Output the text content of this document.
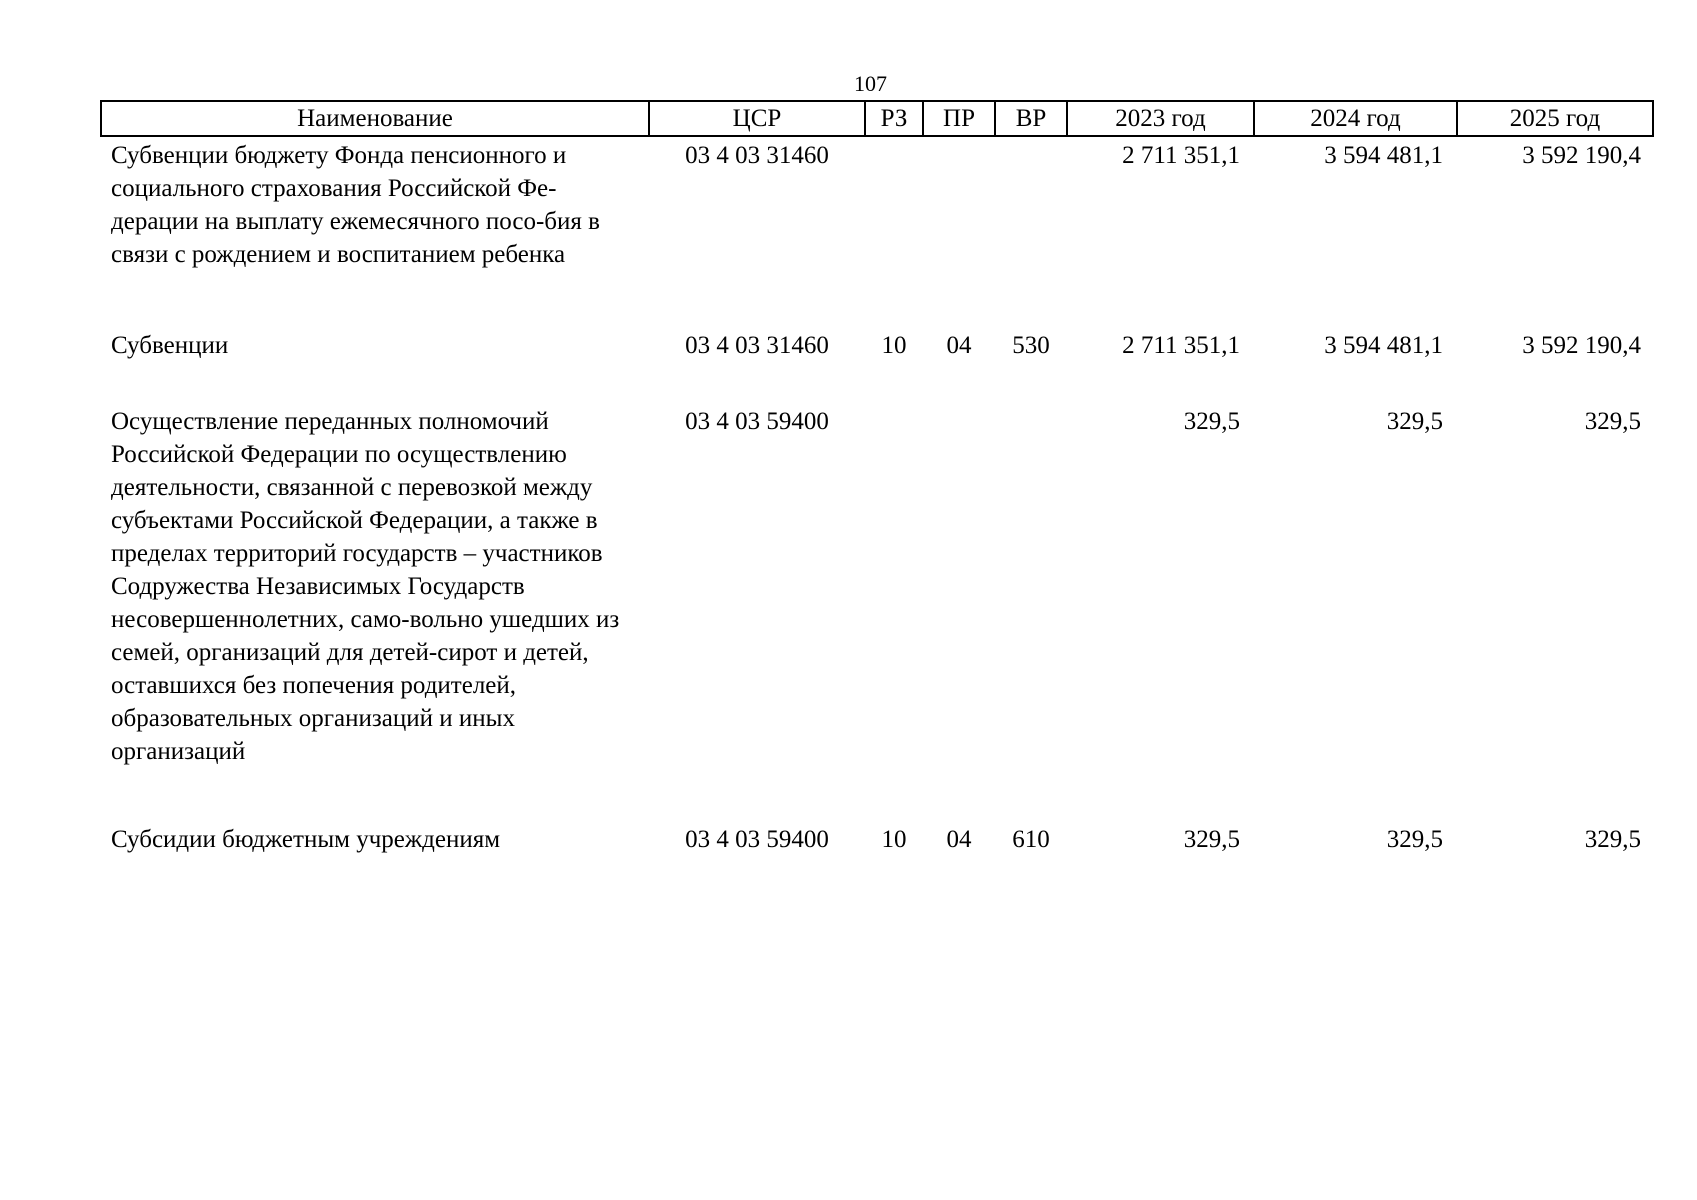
107
Наименование	ЦСР	РЗ	ПР	ВР	2023 год	2024 год	2025 год
Субвенции бюджету Фонда пенсионного и социального страхования Российской Фе-дерации на выплату ежемесячного посо-бия в связи с рождением и воспитанием ребенка	03 4 03 31460				2 711 351,1	3 594 481,1	3 592 190,4
Субвенции	03 4 03 31460	10	04	530	2 711 351,1	3 594 481,1	3 592 190,4
Осуществление переданных полномочий Российской Федерации по осуществлению деятельности, связанной с перевозкой между субъектами Российской Федерации, а также в пределах территорий государств – участников Содружества Независимых Государств несовершеннолетних, само-вольно ушедших из семей, организаций для детей-сирот и детей, оставшихся без попечения родителей, образовательных организаций и иных организаций	03 4 03 59400				329,5	329,5	329,5
Субсидии бюджетным учреждениям	03 4 03 59400	10	04	610	329,5	329,5	329,5
